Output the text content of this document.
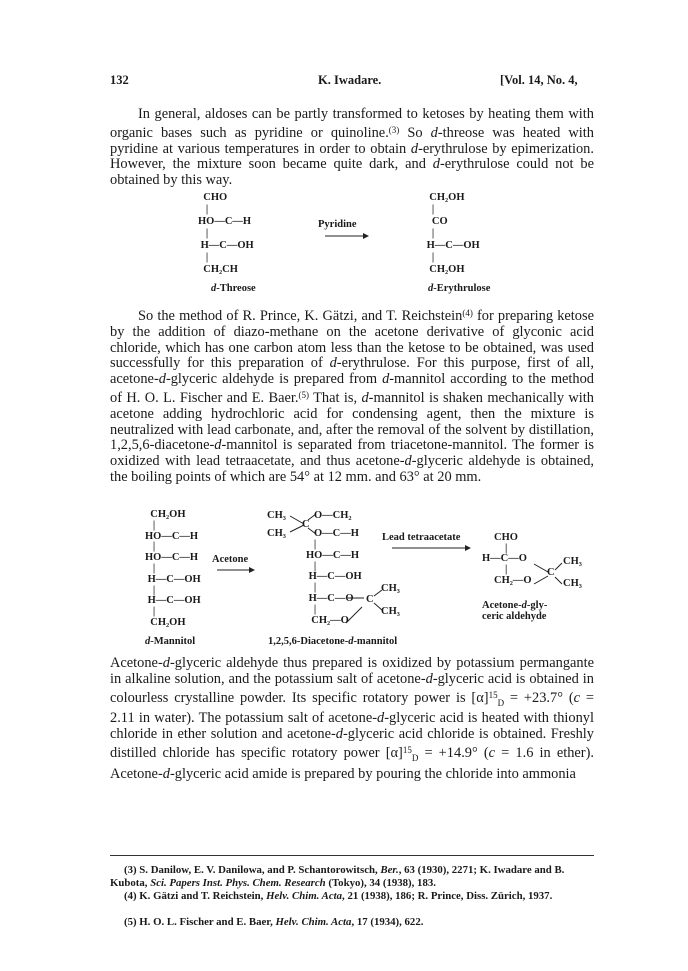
132	K. Iwadare.	[Vol. 14, No. 4,
In general, aldoses can be partly transformed to ketoses by heating them with organic bases such as pyridine or quinoline.$^{(3)}$ So d-threose was heated with pyridine at various temperatures in order to obtain d-erythrulose by epimerization. However, the mixture soon became quite dark, and d-erythrulose could not be obtained by this way.
CHO
|
HO—C—H
|
H—C—OH
|
CH₂CH
d-Threose
Pyridine
CH₂OH
|
CO
|
H—C—OH
|
CH₂OH
d-Erythrulose
So the method of R. Prince, K. Gätzi, and T. Reichstein$^{(4)}$ for preparing ketose by the addition of diazo-methane on the acetone derivative of glyconic acid chloride, which has one carbon atom less than the ketose to be obtained, was used successfully for this preparation of d-erythrulose. For this purpose, first of all, acetone-d-glyceric aldehyde is prepared from d-mannitol according to the method of H. O. L. Fischer and E. Baer.$^{(5)}$ That is, d-mannitol is shaken mechanically with acetone adding hydrochloric acid for condensing agent, then the mixture is neutralized with lead carbonate, and, after the removal of the solvent by distillation, 1,2,5,6-diacetone-d-mannitol is separated from triacetone-mannitol. The former is oxidized with lead tetraacetate, and thus acetone-d-glyceric aldehyde is obtained, the boiling points of which are 54° at 12 mm. and 63° at 20 mm.
CH₂OH
|
HO—C—H
|
HO—C—H
|
H—C—OH
|
H—C—OH
|
CH₂OH
d-Mannitol
Acetone
CH₃
CH₃
C
O—CH₂
O—C—H
|
HO—C—H
|
H—C—OH
|
H—C—O
|
CH₂—O
CH₃
C
CH₃
1,2,5,6-Diacetone-d-mannitol
Lead tetraacetate	CHO
|
H—C—O
|
CH₂—O
C
CH₃
CH₃
Acetone-d-gly-
ceric aldehyde
Acetone-d-glyceric aldehyde thus prepared is oxidized by potassium permangante in alkaline solution, and the potassium salt of acetone-d-glyceric acid is obtained in colourless crystalline powder. Its specific rotatory power is $[\alpha]^{15}_D = +23.7^\circ$ (c = 2.11 in water). The potassium salt of acetone-d-glyceric acid is heated with thionyl chloride in ether solution and acetone-d-glyceric acid chloride is obtained. Freshly distilled chloride has specific rotatory power $[\alpha]^{15}_D = +14.9^\circ$ (c = 1.6 in ether). Acetone-d-glyceric acid amide is prepared by pouring the chloride into ammonia
(3) S. Danilow, E. V. Danilowa, and P. Schantorowitsch, Ber., 63 (1930), 2271; K. Iwadare and B. Kubota, Sci. Papers Inst. Phys. Chem. Research (Tokyo), 34 (1938), 183.
(4) K. Gätzi and T. Reichstein, Helv. Chim. Acta, 21 (1938), 186; R. Prince, Diss. Zürich, 1937.
(5) H. O. L. Fischer and E. Baer, Helv. Chim. Acta, 17 (1934), 622.
